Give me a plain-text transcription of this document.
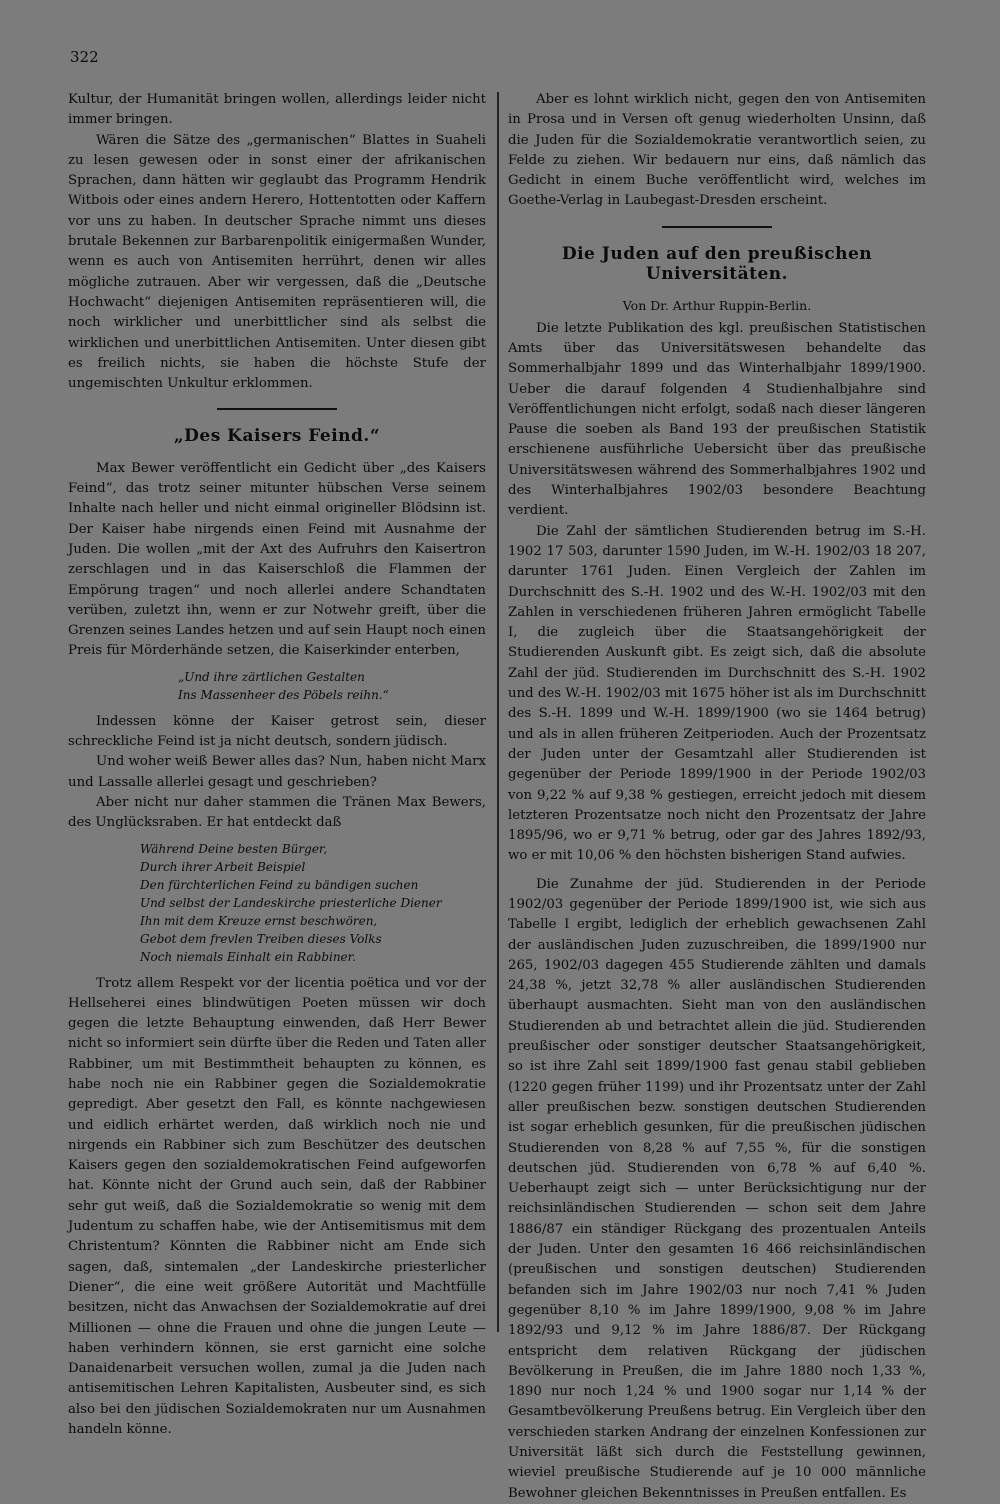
322

Kultur, der Humanität bringen wollen, allerdings leider nicht immer bringen.

Wären die Sätze des „germanischen“ Blattes in Suaheli zu lesen gewesen oder in sonst einer der afrikanischen Sprachen, dann hätten wir geglaubt das Programm Hendrik Witbois oder eines andern Herero, Hottentotten oder Kaffern vor uns zu haben. In deutscher Sprache nimmt uns dieses brutale Bekennen zur Barbarenpolitik einigermaßen Wunder, wenn es auch von Antisemiten herrührt, denen wir alles mögliche zutrauen. Aber wir vergessen, daß die „Deutsche Hochwacht“ diejenigen Antisemiten repräsentieren will, die noch wirklicher und unerbittlicher sind als selbst die wirklichen und unerbittlichen Antisemiten. Unter diesen gibt es freilich nichts, sie haben die höchste Stufe der ungemischten Unkultur erklommen.

„Des Kaisers Feind.“

Max Bewer veröffentlicht ein Gedicht über „des Kaisers Feind“, das trotz seiner mitunter hübschen Verse seinem Inhalte nach heller und nicht einmal origineller Blödsinn ist. Der Kaiser habe nirgends einen Feind mit Ausnahme der Juden. Die wollen „mit der Axt des Aufruhrs den Kaisertron zerschlagen und in das Kaiserschloß die Flammen der Empörung tragen“ und noch allerlei andere Schandtaten verüben, zuletzt ihn, wenn er zur Notwehr greift, über die Grenzen seines Landes hetzen und auf sein Haupt noch einen Preis für Mörderhände setzen, die Kaiserkinder enterben,

„Und ihre zärtlichen Gestalten
Ins Massenheer des Pöbels reihn.“

Indessen könne der Kaiser getrost sein, dieser schreckliche Feind ist ja nicht deutsch, sondern jüdisch.

Und woher weiß Bewer alles das? Nun, haben nicht Marx und Lassalle allerlei gesagt und geschrieben?

Aber nicht nur daher stammen die Tränen Max Bewers, des Unglücksraben. Er hat entdeckt daß

Während Deine besten Bürger,
Durch ihrer Arbeit Beispiel
Den fürchterlichen Feind zu bändigen suchen
Und selbst der Landeskirche priesterliche Diener
Ihn mit dem Kreuze ernst beschwören,
Gebot dem frevlen Treiben dieses Volks
Noch niemals Einhalt ein Rabbiner.

Trotz allem Respekt vor der licentia poëtica und vor der Hellseherei eines blindwütigen Poeten müssen wir doch gegen die letzte Behauptung einwenden, daß Herr Bewer nicht so informiert sein dürfte über die Reden und Taten aller Rabbiner, um mit Bestimmtheit behaupten zu können, es habe noch nie ein Rabbiner gegen die Sozialdemokratie gepredigt. Aber gesetzt den Fall, es könnte nachgewiesen und eidlich erhärtet werden, daß wirklich noch nie und nirgends ein Rabbiner sich zum Beschützer des deutschen Kaisers gegen den sozialdemokratischen Feind aufgeworfen hat. Könnte nicht der Grund auch sein, daß der Rabbiner sehr gut weiß, daß die Sozialdemokratie so wenig mit dem Judentum zu schaffen habe, wie der Antisemitismus mit dem Christentum? Könnten die Rabbiner nicht am Ende sich sagen, daß, sintemalen „der Landeskirche priesterlicher Diener“, die eine weit größere Autorität und Machtfülle besitzen, nicht das Anwachsen der Sozialdemokratie auf drei Millionen — ohne die Frauen und ohne die jungen Leute — haben verhindern können, sie erst garnicht eine solche Danaidenarbeit versuchen wollen, zumal ja die Juden nach antisemitischen Lehren Kapitalisten, Ausbeuter sind, es sich also bei den jüdischen Sozialdemokraten nur um Ausnahmen handeln könne.

Aber es lohnt wirklich nicht, gegen den von Antisemiten in Prosa und in Versen oft genug wiederholten Unsinn, daß die Juden für die Sozialdemokratie verantwortlich seien, zu Felde zu ziehen. Wir bedauern nur eins, daß nämlich das Gedicht in einem Buche veröffentlicht wird, welches im Goethe-Verlag in Laubegast-Dresden erscheint.

Die Juden auf den preußischen Universitäten.
Von Dr. Arthur Ruppin-Berlin.

Die letzte Publikation des kgl. preußischen Statistischen Amts über das Universitätswesen behandelte das Sommerhalbjahr 1899 und das Winterhalbjahr 1899/1900. Ueber die darauf folgenden 4 Studienhalbjahre sind Veröffentlichungen nicht erfolgt, sodaß nach dieser längeren Pause die soeben als Band 193 der preußischen Statistik erschienene ausführliche Uebersicht über das preußische Universitätswesen während des Sommerhalbjahres 1902 und des Winterhalbjahres 1902/03 besondere Beachtung verdient.

Die Zahl der sämtlichen Studierenden betrug im S.-H. 1902 17 503, darunter 1590 Juden, im W.-H. 1902/03 18 207, darunter 1761 Juden. Einen Vergleich der Zahlen im Durchschnitt des S.-H. 1902 und des W.-H. 1902/03 mit den Zahlen in verschiedenen früheren Jahren ermöglicht Tabelle I, die zugleich über die Staatsangehörigkeit der Studierenden Auskunft gibt. Es zeigt sich, daß die absolute Zahl der jüd. Studierenden im Durchschnitt des S.-H. 1902 und des W.-H. 1902/03 mit 1675 höher ist als im Durchschnitt des S.-H. 1899 und W.-H. 1899/1900 (wo sie 1464 betrug) und als in allen früheren Zeitperioden. Auch der Prozentsatz der Juden unter der Gesamtzahl aller Studierenden ist gegenüber der Periode 1899/1900 in der Periode 1902/03 von 9,22 % auf 9,38 % gestiegen, erreicht jedoch mit diesem letzteren Prozentsatze noch nicht den Prozentsatz der Jahre 1895/96, wo er 9,71 % betrug, oder gar des Jahres 1892/93, wo er mit 10,06 % den höchsten bisherigen Stand aufwies.

Die Zunahme der jüd. Studierenden in der Periode 1902/03 gegenüber der Periode 1899/1900 ist, wie sich aus Tabelle I ergibt, lediglich der erheblich gewachsenen Zahl der ausländischen Juden zuzuschreiben, die 1899/1900 nur 265, 1902/03 dagegen 455 Studierende zählten und damals 24,38 %, jetzt 32,78 % aller ausländischen Studierenden überhaupt ausmachten. Sieht man von den ausländischen Studierenden ab und betrachtet allein die jüd. Studierenden preußischer oder sonstiger deutscher Staatsangehörigkeit, so ist ihre Zahl seit 1899/1900 fast genau stabil geblieben (1220 gegen früher 1199) und ihr Prozentsatz unter der Zahl aller preußischen bezw. sonstigen deutschen Studierenden ist sogar erheblich gesunken, für die preußischen jüdischen Studierenden von 8,28 % auf 7,55 %, für die sonstigen deutschen jüd. Studierenden von 6,78 % auf 6,40 %. Ueberhaupt zeigt sich — unter Berücksichtigung nur der reichsinländischen Studierenden — schon seit dem Jahre 1886/87 ein ständiger Rückgang des prozentualen Anteils der Juden. Unter den gesamten 16 466 reichsinländischen (preußischen und sonstigen deutschen) Studierenden befanden sich im Jahre 1902/03 nur noch 7,41 % Juden gegenüber 8,10 % im Jahre 1899/1900, 9,08 % im Jahre 1892/93 und 9,12 % im Jahre 1886/87. Der Rückgang entspricht dem relativen Rückgang der jüdischen Bevölkerung in Preußen, die im Jahre 1880 noch 1,33 %, 1890 nur noch 1,24 % und 1900 sogar nur 1,14 % der Gesamtbevölkerung Preußens betrug. Ein Vergleich über den verschieden starken Andrang der einzelnen Konfessionen zur Universität läßt sich durch die Feststellung gewinnen, wieviel preußische Studierende auf je 10 000 männliche Bewohner gleichen Bekenntnisses in Preußen entfallen. Es
